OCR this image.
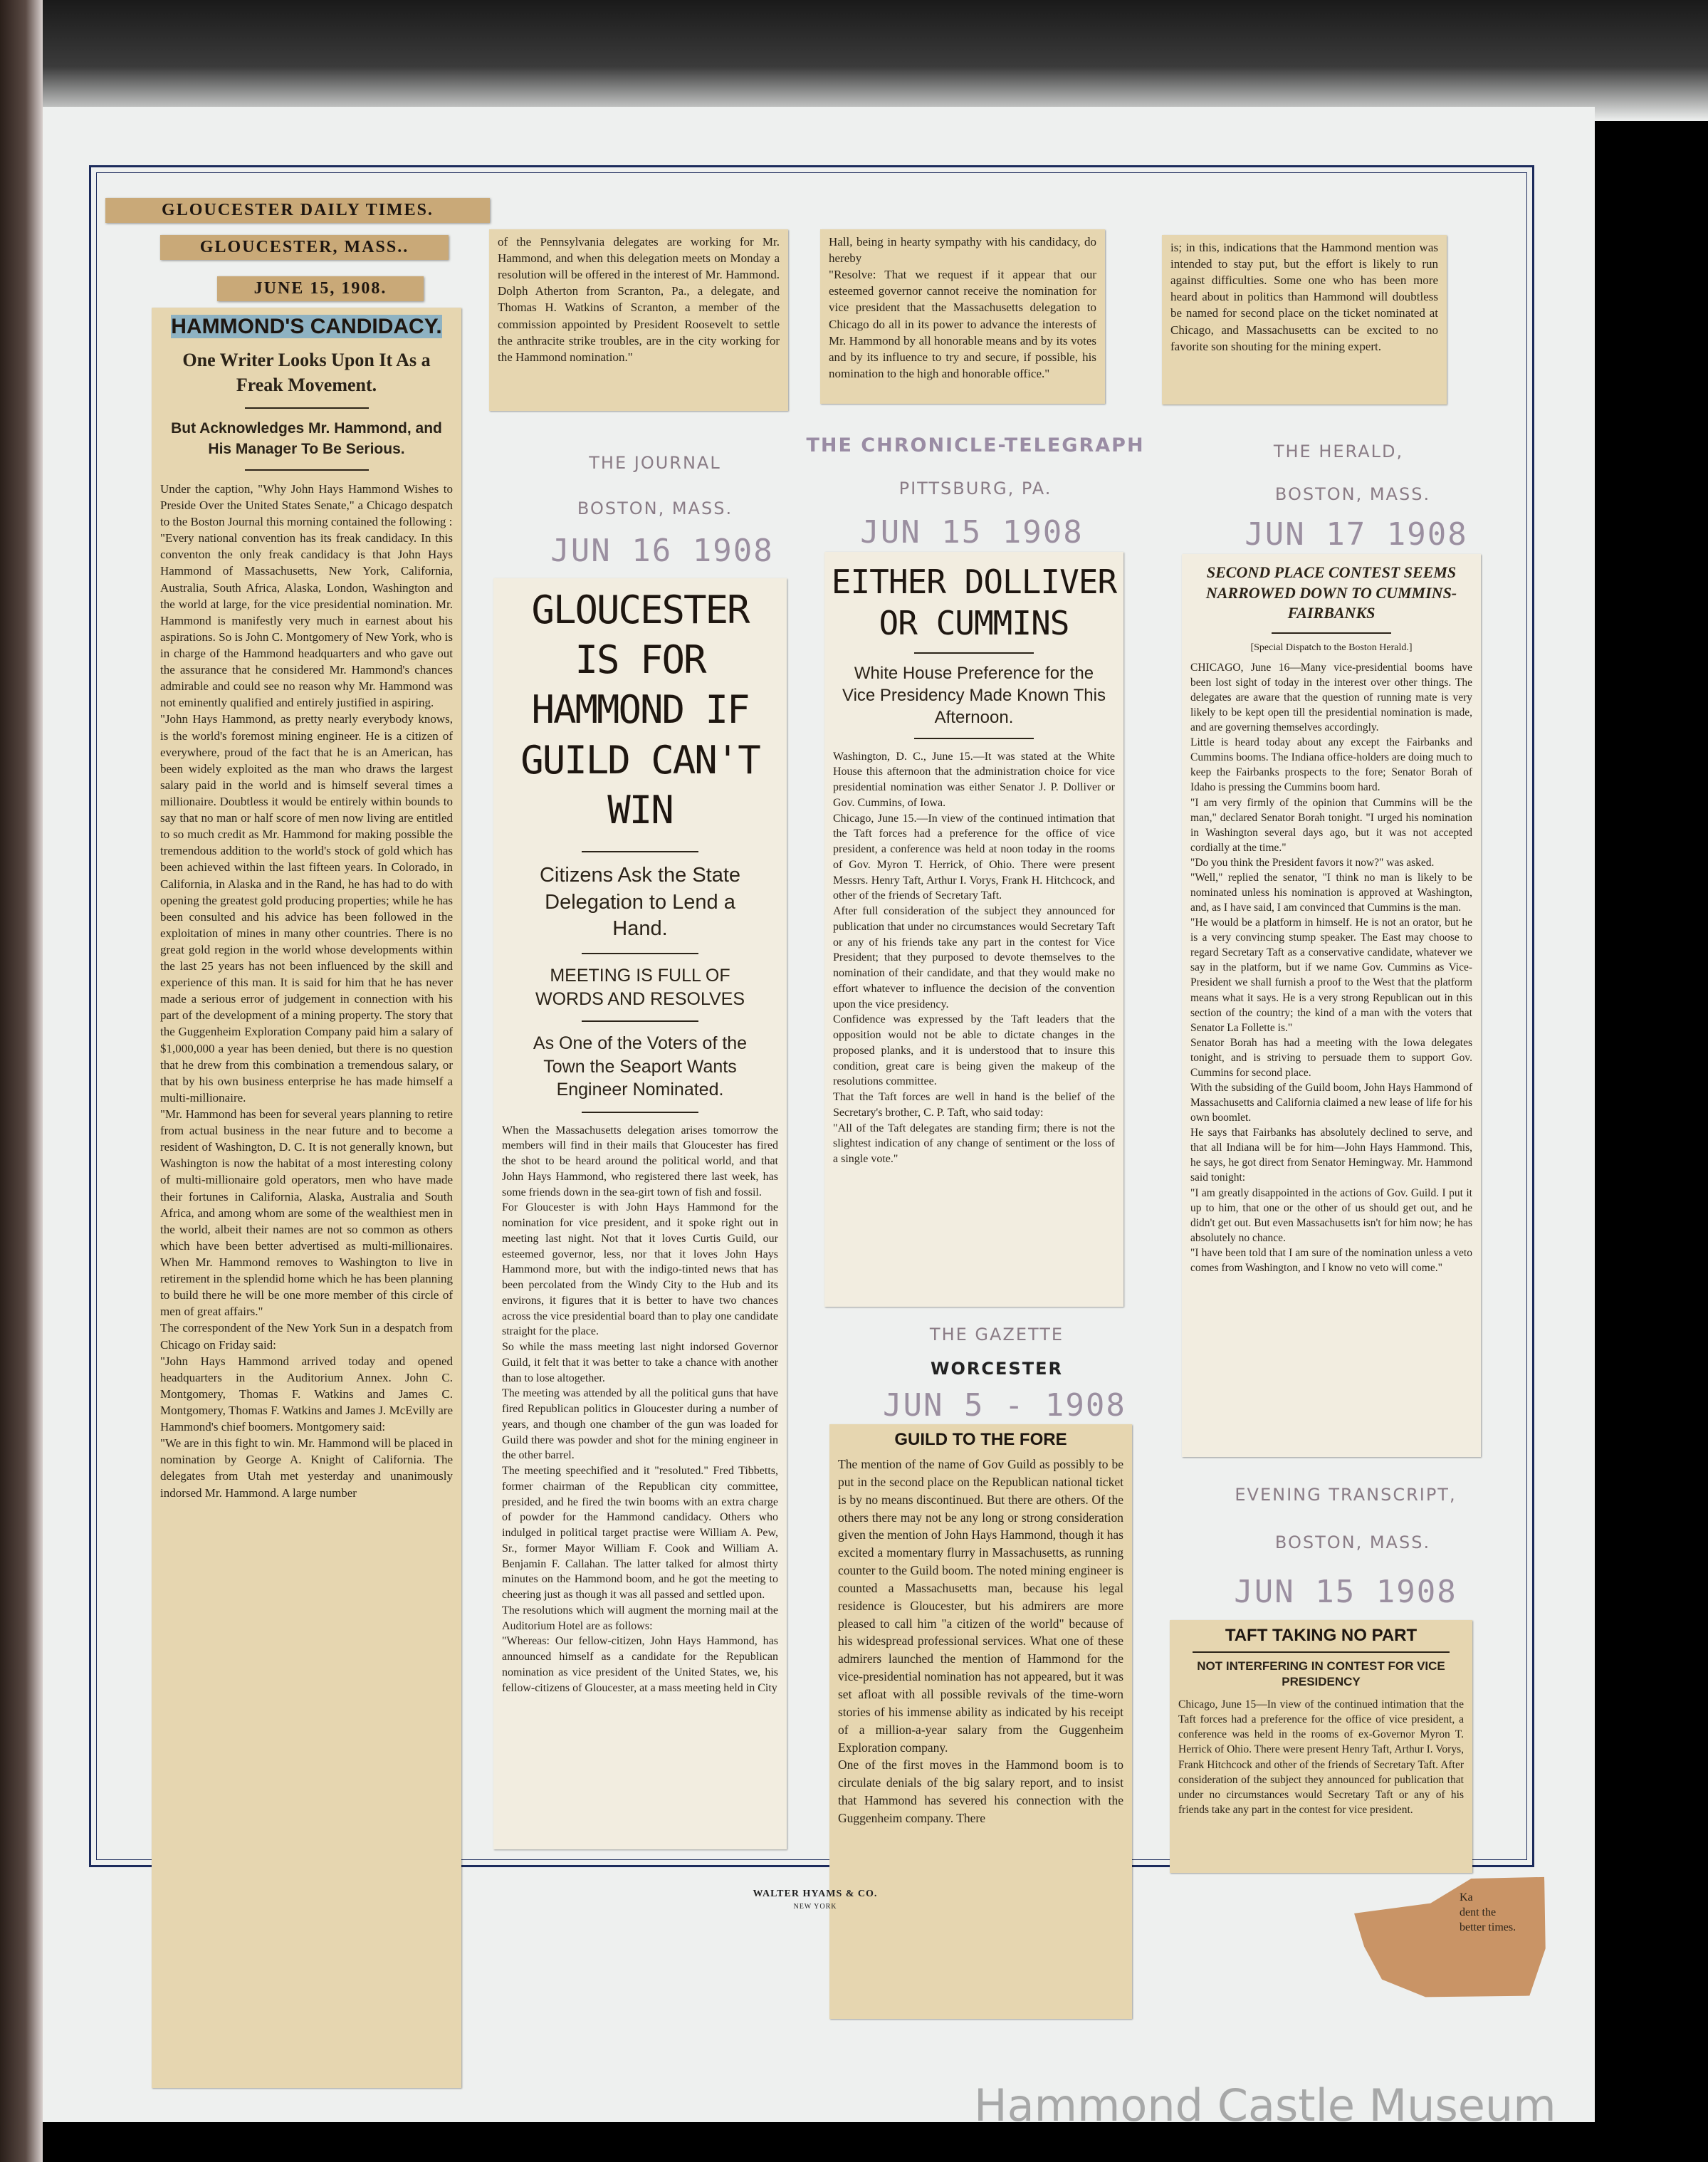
GLOUCESTER DAILY TIMES.
GLOUCESTER, MASS..
JUNE 15, 1908.
HAMMOND'S CANDIDACY.
One Writer Looks Upon It As a Freak Movement.
But Acknowledges Mr. Hammond, and His Manager To Be Serious.
Under the caption, "Why John Hays Hammond Wishes to Preside Over the United States Senate," a Chicago despatch to the Boston Journal this morning contained the following :
"Every national convention has its freak candidacy. In this conventon the only freak candidacy is that John Hays Hammond of Massachusetts, New York, California, Australia, South Africa, Alaska, London, Washington and the world at large, for the vice presidential nomination. Mr. Hammond is manifestly very much in earnest about his aspirations. So is John C. Montgomery of New York, who is in charge of the Hammond headquarters and who gave out the assurance that he considered Mr. Hammond's chances admirable and could see no reason why Mr. Hammond was not eminently qualified and entirely justified in aspiring.
"John Hays Hammond, as pretty nearly everybody knows, is the world's foremost mining engineer. He is a citizen of everywhere, proud of the fact that he is an American, has been widely exploited as the man who draws the largest salary paid in the world and is himself several times a millionaire. Doubtless it would be entirely within bounds to say that no man or half score of men now living are entitled to so much credit as Mr. Hammond for making possible the tremendous addition to the world's stock of gold which has been achieved within the last fifteen years. In Colorado, in California, in Alaska and in the Rand, he has had to do with opening the greatest gold producing properties; while he has been consulted and his advice has been followed in the exploitation of mines in many other countries. There is no great gold region in the world whose developments within the last 25 years has not been influenced by the skill and experience of this man. It is said for him that he has never made a serious error of judgement in connection with his part of the development of a mining property. The story that the Guggenheim Exploration Company paid him a salary of $1,000,000 a year has been denied, but there is no question that he drew from this combination a tremendous salary, or that by his own business enterprise he has made himself a multi-millionaire.
"Mr. Hammond has been for several years planning to retire from actual business in the near future and to become a resident of Washington, D. C. It is not generally known, but Washington is now the habitat of a most interesting colony of multi-millionaire gold operators, men who have made their fortunes in California, Alaska, Australia and South Africa, and among whom are some of the wealthiest men in the world, albeit their names are not so common as others which have been better advertised as multi-millionaires. When Mr. Hammond removes to Washington to live in retirement in the splendid home which he has been planning to build there he will be one more member of this circle of men of great affairs."
The correspondent of the New York Sun in a despatch from Chicago on Friday said:
"John Hays Hammond arrived today and opened headquarters in the Auditorium Annex. John C. Montgomery, Thomas F. Watkins and James C. Montgomery, Thomas F. Watkins and James J. McEvilly are Hammond's chief boomers. Montgomery said:
"We are in this fight to win. Mr. Hammond will be placed in nomination by George A. Knight of California. The delegates from Utah met yesterday and unanimously indorsed Mr. Hammond. A large number
of the Pennsylvania delegates are working for Mr. Hammond, and when this delegation meets on Monday a resolution will be offered in the interest of Mr. Hammond. Dolph Atherton from Scranton, Pa., a delegate, and Thomas H. Watkins of Scranton, a member of the commission appointed by President Roosevelt to settle the anthracite strike troubles, are in the city working for the Hammond nomination."
Hall, being in hearty sympathy with his candidacy, do hereby
"Resolve: That we request if it appear that our esteemed governor cannot receive the nomination for vice president that the Massachusetts delegation to Chicago do all in its power to advance the interests of Mr. Hammond by all honorable means and by its votes and by its influence to try and secure, if possible, his nomination to the high and honorable office."
is; in this, indications that the Hammond mention was intended to stay put, but the effort is likely to run against difficulties. Some one who has been more heard about in politics than Hammond will doubtless be named for second place on the ticket nominated at Chicago, and Massachusetts can be excited to no favorite son shouting for the mining expert.
THE JOURNAL
BOSTON, MASS.
JUN 16 1908
THE CHRONICLE-TELEGRAPH
PITTSBURG, PA.
JUN 15 1908
THE HERALD,
BOSTON, MASS.
JUN 17 1908
THE GAZETTE
WORCESTER
JUN 5 - 1908
EVENING TRANSCRIPT,
BOSTON, MASS.
JUN 15 1908
GLOUCESTER IS FOR HAMMOND IF GUILD CAN'T WIN
Citizens Ask the State Delegation to Lend a Hand.
MEETING IS FULL OF WORDS AND RESOLVES
As One of the Voters of the Town the Seaport Wants Engineer Nominated.
When the Massachusetts delegation arises tomorrow the members will find in their mails that Gloucester has fired the shot to be heard around the political world, and that John Hays Hammond, who registered there last week, has some friends down in the sea-girt town of fish and fossil.
For Gloucester is with John Hays Hammond for the nomination for vice president, and it spoke right out in meeting last night. Not that it loves Curtis Guild, our esteemed governor, less, nor that it loves John Hays Hammond more, but with the indigo-tinted news that has been percolated from the Windy City to the Hub and its environs, it figures that it is better to have two chances across the vice presidential board than to play one candidate straight for the place.
So while the mass meeting last night indorsed Governor Guild, it felt that it was better to take a chance with another than to lose altogether.
The meeting was attended by all the political guns that have fired Republican politics in Gloucester during a number of years, and though one chamber of the gun was loaded for Guild there was powder and shot for the mining engineer in the other barrel.
The meeting speechified and it "resoluted." Fred Tibbetts, former chairman of the Republican city committee, presided, and he fired the twin booms with an extra charge of powder for the Hammond candidacy. Others who indulged in political target practise were William A. Pew, Sr., former Mayor William F. Cook and William A. Benjamin F. Callahan. The latter talked for almost thirty minutes on the Hammond boom, and he got the meeting to cheering just as though it was all passed and settled upon.
The resolutions which will augment the morning mail at the Auditorium Hotel are as follows:
"Whereas: Our fellow-citizen, John Hays Hammond, has announced himself as a candidate for the Republican nomination as vice president of the United States, we, his fellow-citizens of Gloucester, at a mass meeting held in City
EITHER DOLLIVER OR CUMMINS
White House Preference for the Vice Presidency Made Known This Afternoon.
Washington, D. C., June 15.—It was stated at the White House this afternoon that the administration choice for vice presidential nomination was either Senator J. P. Dolliver or Gov. Cummins, of Iowa.
Chicago, June 15.—In view of the continued intimation that the Taft forces had a preference for the office of vice president, a conference was held at noon today in the rooms of Gov. Myron T. Herrick, of Ohio. There were present Messrs. Henry Taft, Arthur I. Vorys, Frank H. Hitchcock, and other of the friends of Secretary Taft.
After full consideration of the subject they announced for publication that under no circumstances would Secretary Taft or any of his friends take any part in the contest for Vice President; that they purposed to devote themselves to the nomination of their candidate, and that they would make no effort whatever to influence the decision of the convention upon the vice presidency.
Confidence was expressed by the Taft leaders that the opposition would not be able to dictate changes in the proposed planks, and it is understood that to insure this condition, great care is being given the makeup of the resolutions committee.
That the Taft forces are well in hand is the belief of the Secretary's brother, C. P. Taft, who said today:
"All of the Taft delegates are standing firm; there is not the slightest indication of any change of sentiment or the loss of a single vote."
SECOND PLACE CONTEST SEEMS NARROWED DOWN TO CUMMINS-FAIRBANKS
[Special Dispatch to the Boston Herald.]
CHICAGO, June 16—Many vice-presidential booms have been lost sight of today in the interest over other things. The delegates are aware that the question of running mate is very likely to be kept open till the presidential nomination is made, and are governing themselves accordingly.
Little is heard today about any except the Fairbanks and Cummins booms. The Indiana office-holders are doing much to keep the Fairbanks prospects to the fore; Senator Borah of Idaho is pressing the Cummins boom hard.
"I am very firmly of the opinion that Cummins will be the man," declared Senator Borah tonight. "I urged his nomination in Washington several days ago, but it was not accepted cordially at the time."
"Do you think the President favors it now?" was asked.
"Well," replied the senator, "I think no man is likely to be nominated unless his nomination is approved at Washington, and, as I have said, I am convinced that Cummins is the man.
"He would be a platform in himself. He is not an orator, but he is a very convincing stump speaker. The East may choose to regard Secretary Taft as a conservative candidate, whatever we say in the platform, but if we name Gov. Cummins as Vice-President we shall furnish a proof to the West that the platform means what it says. He is a very strong Republican out in this section of the country; the kind of a man with the voters that Senator La Follette is."
Senator Borah has had a meeting with the Iowa delegates tonight, and is striving to persuade them to support Gov. Cummins for second place.
With the subsiding of the Guild boom, John Hays Hammond of Massachusetts and California claimed a new lease of life for his own boomlet.
He says that Fairbanks has absolutely declined to serve, and that all Indiana will be for him—John Hays Hammond. This, he says, he got direct from Senator Hemingway. Mr. Hammond said tonight:
"I am greatly disappointed in the actions of Gov. Guild. I put it up to him, that one or the other of us should get out, and he didn't get out. But even Massachusetts isn't for him now; he has absolutely no chance.
"I have been told that I am sure of the nomination unless a veto comes from Washington, and I know no veto will come."
GUILD TO THE FORE
The mention of the name of Gov Guild as possibly to be put in the second place on the Republican national ticket is by no means discontinued. But there are others. Of the others there may not be any long or strong consideration given the mention of John Hays Hammond, though it has excited a momentary flurry in Massachusetts, as running counter to the Guild boom. The noted mining engineer is counted a Massachusetts man, because his legal residence is Gloucester, but his admirers are more pleased to call him "a citizen of the world" because of his widespread professional services. What one of these admirers launched the mention of Hammond for the vice-presidential nomination has not appeared, but it was set afloat with all possible revivals of the time-worn stories of his immense ability as indicated by his receipt of a million-a-year salary from the Guggenheim Exploration company.
One of the first moves in the Hammond boom is to circulate denials of the big salary report, and to insist that Hammond has severed his connection with the Guggenheim company. There
TAFT TAKING NO PART
NOT INTERFERING IN CONTEST FOR VICE PRESIDENCY
Chicago, June 15—In view of the continued intimation that the Taft forces had a preference for the office of vice president, a conference was held in the rooms of ex-Governor Myron T. Herrick of Ohio. There were present Henry Taft, Arthur I. Vorys, Frank Hitchcock and other of the friends of Secretary Taft. After consideration of the subject they announced for publication that under no circumstances would Secretary Taft or any of his friends take any part in the contest for vice president.
Ka
dent the
better times.
WALTER HYAMS & CO.
NEW YORK
Hammond Castle Museum
